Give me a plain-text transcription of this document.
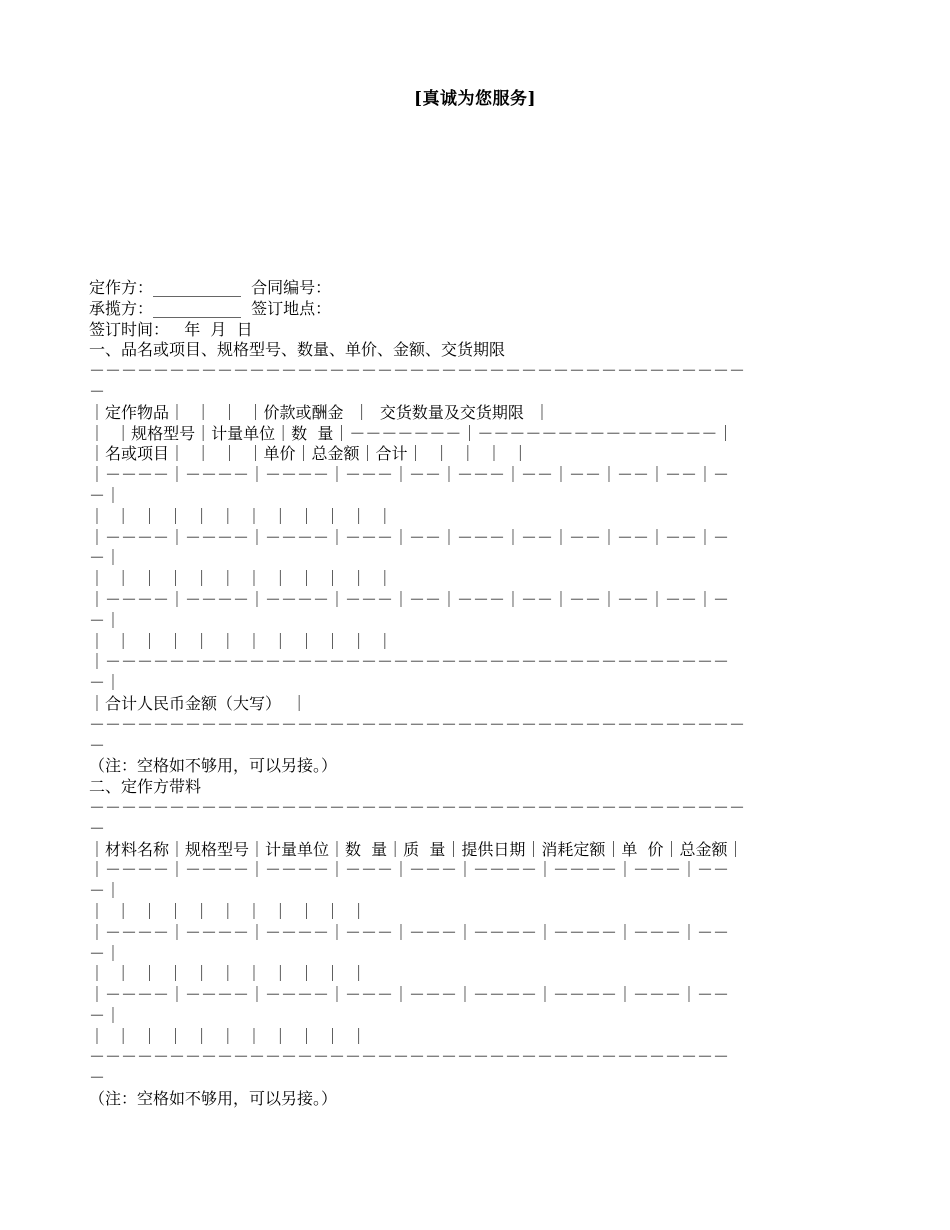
[真诚为您服务]
定作方：___________  合同编号：
承揽方：___________  签订地点：
签订时间：   年  月  日
一、品名或项目、规格型号、数量、单价、金额、交货期限
－－－－－－－－－－－－－－－－－－－－－－－－－－－－－－－－－－－－－－－－－
－
｜定作物品｜  ｜  ｜  ｜价款或酬金  ｜  交货数量及交货期限  ｜
｜  ｜规格型号｜计量单位｜数  量｜－－－－－－－｜－－－－－－－－－－－－－－－｜
｜名或项目｜  ｜  ｜  ｜单价｜总金额｜合计｜  ｜  ｜  ｜  ｜
｜－－－－｜－－－－｜－－－－｜－－－｜－－｜－－－｜－－｜－－｜－－｜－－｜－
－｜
｜  ｜  ｜  ｜  ｜  ｜  ｜  ｜  ｜  ｜  ｜  ｜
｜－－－－｜－－－－｜－－－－｜－－－｜－－｜－－－｜－－｜－－｜－－｜－－｜－
－｜
｜  ｜  ｜  ｜  ｜  ｜  ｜  ｜  ｜  ｜  ｜  ｜
｜－－－－｜－－－－｜－－－－｜－－－｜－－｜－－－｜－－｜－－｜－－｜－－｜－
－｜
｜  ｜  ｜  ｜  ｜  ｜  ｜  ｜  ｜  ｜  ｜  ｜
｜－－－－－－－－－－－－－－－－－－－－－－－－－－－－－－－－－－－－－－－
－｜
｜合计人民币金额（大写）  ｜
－－－－－－－－－－－－－－－－－－－－－－－－－－－－－－－－－－－－－－－－－
－
（注：空格如不够用，可以另接。）
二、定作方带料
－－－－－－－－－－－－－－－－－－－－－－－－－－－－－－－－－－－－－－－－－
－
｜材料名称｜规格型号｜计量单位｜数  量｜质  量｜提供日期｜消耗定额｜单  价｜总金额｜
｜－－－－｜－－－－｜－－－－｜－－－｜－－－｜－－－－｜－－－－｜－－－｜－－
－｜
｜  ｜  ｜  ｜  ｜  ｜  ｜  ｜  ｜  ｜  ｜
｜－－－－｜－－－－｜－－－－｜－－－｜－－－｜－－－－｜－－－－｜－－－｜－－
－｜
｜  ｜  ｜  ｜  ｜  ｜  ｜  ｜  ｜  ｜  ｜
｜－－－－｜－－－－｜－－－－｜－－－｜－－－｜－－－－｜－－－－｜－－－｜－－
－｜
｜  ｜  ｜  ｜  ｜  ｜  ｜  ｜  ｜  ｜  ｜
－－－－－－－－－－－－－－－－－－－－－－－－－－－－－－－－－－－－－－－－
－
（注：空格如不够用，可以另接。）
